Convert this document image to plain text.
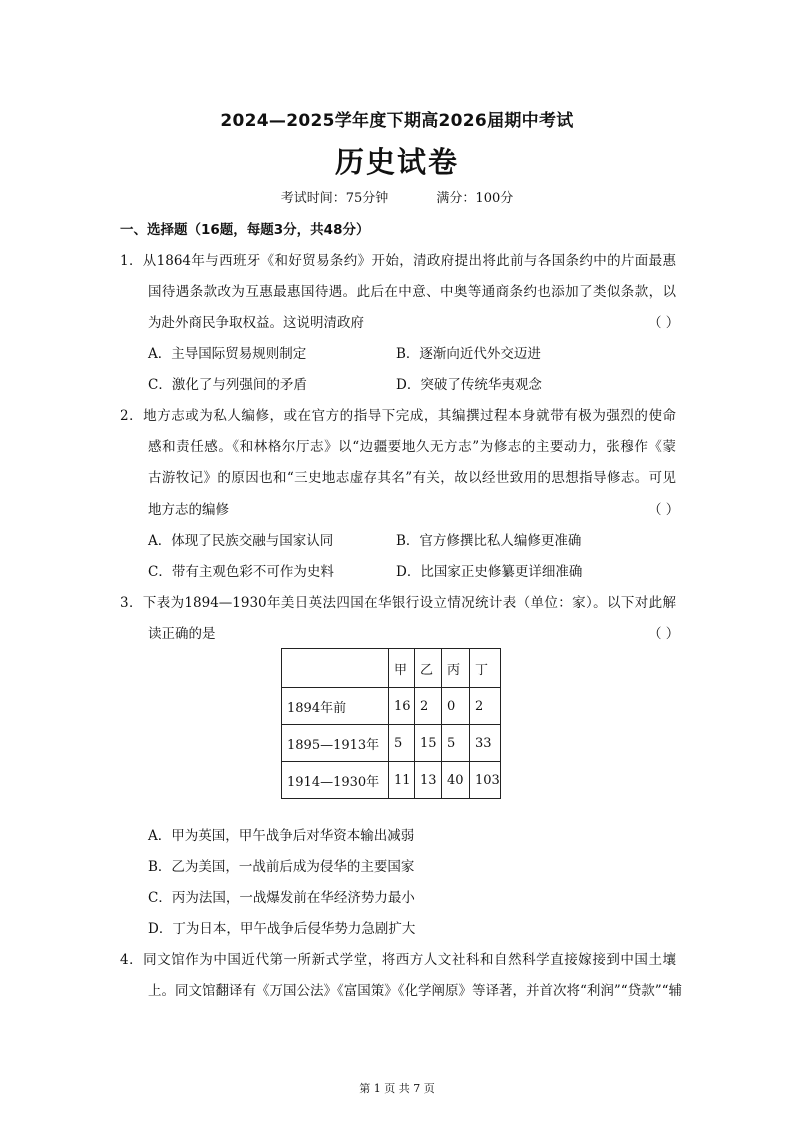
2024—2025学年度下期高2026届期中考试
历史试卷
考试时间：75分钟	满分：100分
一、选择题（16题，每题3分，共48分）
1．从1864年与西班牙《和好贸易条约》开始，清政府提出将此前与各国条约中的片面最惠
国待遇条款改为互惠最惠国待遇。此后在中意、中奥等通商条约也添加了类似条款，以
为赴外商民争取权益。这说明清政府	（ ）
A．主导国际贸易规则制定	B．逐渐向近代外交迈进
C．激化了与列强间的矛盾	D．突破了传统华夷观念
2．地方志或为私人编修，或在官方的指导下完成，其编撰过程本身就带有极为强烈的使命
感和责任感。《和林格尔厅志》以“边疆要地久无方志”为修志的主要动力，张穆作《蒙
古游牧记》的原因也和“三史地志虚存其名”有关，故以经世致用的思想指导修志。可见
地方志的编修	（ ）
A．体现了民族交融与国家认同	B．官方修撰比私人编修更准确
C．带有主观色彩不可作为史料	D．比国家正史修纂更详细准确
3．下表为1894—1930年美日英法四国在华银行设立情况统计表（单位：家）。以下对此解
读正确的是	（ ）
	甲	乙	丙	丁
1894年前	16	2	0	2
1895—1913年	5	15	5	33
1914—1930年	11	13	40	103
A．甲为英国，甲午战争后对华资本输出减弱
B．乙为美国，一战前后成为侵华的主要国家
C．丙为法国，一战爆发前在华经济势力最小
D．丁为日本，甲午战争后侵华势力急剧扩大
4．同文馆作为中国近代第一所新式学堂，将西方人文社科和自然科学直接嫁接到中国土壤
上。同文馆翻译有《万国公法》《富国策》《化学阐原》等译著，并首次将“利润”“贷款”“辅
第 1 页 共 7 页
